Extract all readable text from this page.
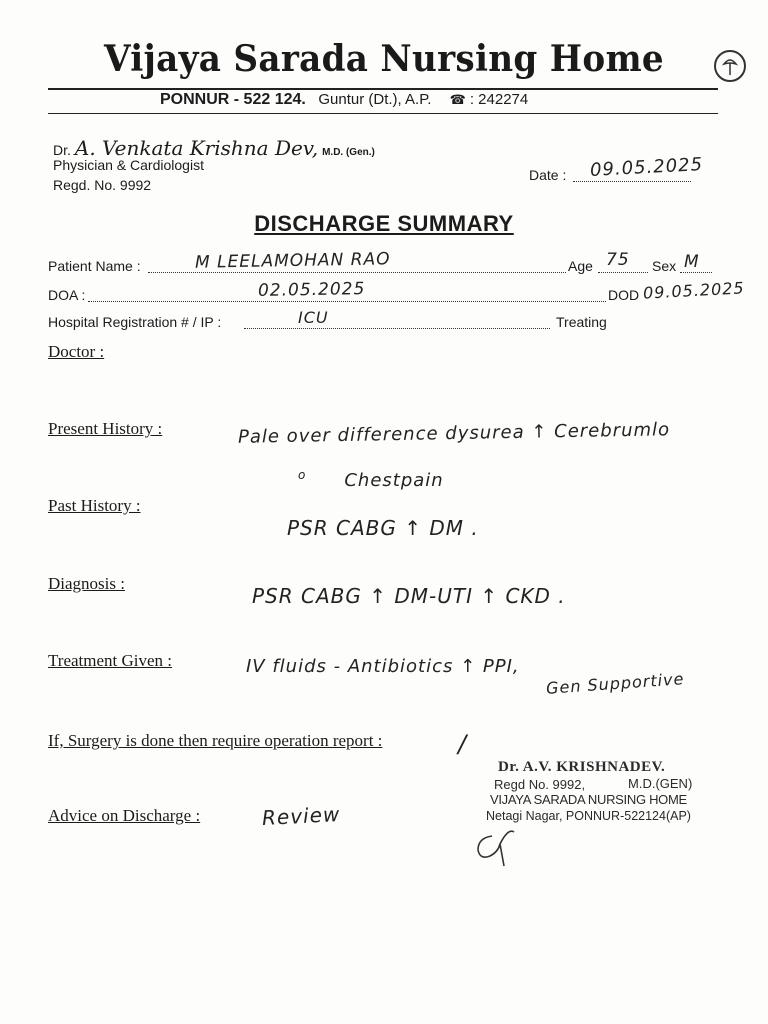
Vijaya Sarada Nursing Home
PONNUR - 522 124. Guntur (Dt.), A.P. ☎ : 242274
Dr. A. Venkata Krishna Dev, M.D. (Gen.)
Physician & Cardiologist
Regd. No. 9992
Date : 09.05.2025
DISCHARGE SUMMARY
Patient Name :	M LEELAMOHAN RAO	Age 75 Sex M
DOA :	02.05.2025	DOD 09.05.2025
Hospital Registration # / IP :	ICU	Treating
Doctor :
Present History :	Pale over difference dysurea ↑ Cerebrumlo
$^o$ Chestpain
Past History :
PSR CABG ↑ DM .
Diagnosis :
PSR CABG ↑ DM-UTI ↑ CKD .
Treatment Given :	IV fluids - Antibiotics ↑ PPI,
Gen Supportive
If, Surgery is done then require operation report :	/
Advice on Discharge :	Review
Dr. A.V. KRISHNADEV.
Regd No. 9992,	M.D.(GEN)
VIJAYA SARADA NURSING HOME
Netagi Nagar, PONNUR-522124(AP)
